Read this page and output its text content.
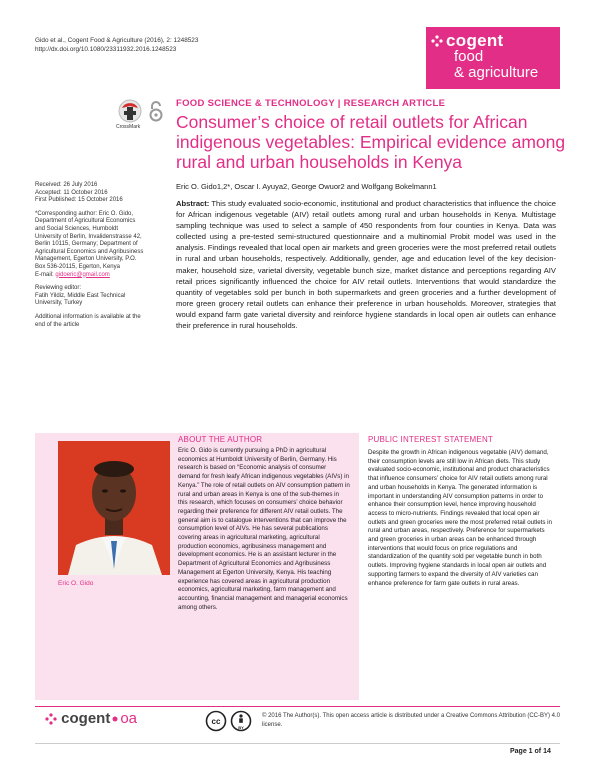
Gido et al., Cogent Food & Agriculture (2016), 2: 1248523
http://dx.doi.org/10.1080/23311932.2016.1248523	cogent
food
& agriculture
CrossMark
FOOD SCIENCE & TECHNOLOGY | RESEARCH ARTICLE
Consumer’s choice of retail outlets for African indigenous vegetables: Empirical evidence among rural and urban households in Kenya
Eric O. Gido1,2*, Oscar I. Ayuya2, George Owuor2 and Wolfgang Bokelmann1
Abstract: This study evaluated socio-economic, institutional and product characteristics that influence the choice for African indigenous vegetable (AIV) retail outlets among rural and urban households in Kenya. Multistage sampling technique was used to select a sample of 450 respondents from four counties in Kenya. Data was collected using a pre-tested semi-structured questionnaire and a multinomial Probit model was used in the analysis. Findings revealed that local open air markets and green groceries were the most preferred retail outlets in rural and urban households, respectively. Additionally, gender, age and education level of the key decision-maker, household size, varietal diversity, vegetable bunch size, market distance and perceptions regarding AIV retail prices significantly influenced the choice for AIV retail outlets. Interventions that would standardize the quantity of vegetables sold per bunch in both supermarkets and green groceries and a further development of more green grocery retail outlets can enhance their preference in urban households. Moreover, strategies that would expand farm gate varietal diversity and reinforce hygiene standards in local open air outlets can enhance their preference in rural households.
Received: 26 July 2016
Accepted: 11 October 2016
First Published: 15 October 2016
*Corresponding author: Eric O. Gido, Department of Agricultural Economics and Social Sciences, Humboldt University of Berlin, Invalidenstrasse 42, Berlin 10115, Germany; Department of Agricultural Economics and Agribusiness Management, Egerton University, P.O. Box 536-20115, Egerton, Kenya
E-mail: gidoeric@gmail.com
Reviewing editor:
Fatih Yildiz, Middle East Technical University, Turkey
Additional information is available at the end of the article
Eric O. Gido
ABOUT THE AUTHOR
Eric O. Gido is currently pursuing a PhD in agricultural economics at Humboldt University of Berlin, Germany. His research is based on “Economic analysis of consumer demand for fresh leafy African indigenous vegetables (AIVs) in Kenya.” The role of retail outlets on AIV consumption pattern in rural and urban areas in Kenya is one of the sub-themes in this research, which focuses on consumers’ choice behavior regarding their preference for different AIV retail outlets. The general aim is to catalogue interventions that can improve the consumption level of AIVs. He has several publications covering areas in agricultural marketing, agricultural production economics, agribusiness management and development economics. He is an assistant lecturer in the Department of Agricultural Economics and Agribusiness Management at Egerton University, Kenya. His teaching experience has covered areas in agricultural production economics, agricultural marketing, farm management and accounting, financial management and managerial economics among others.
PUBLIC INTEREST STATEMENT
Despite the growth in African indigenous vegetable (AIV) demand, their consumption levels are still low in African diets. This study evaluated socio-economic, institutional and product characteristics that influence consumers’ choice for AIV retail outlets among rural and urban households in Kenya. The generated information is important in understanding AIV consumption patterns in order to enhance their consumption level, hence improving household access to micro-nutrients. Findings revealed that local open air outlets and green groceries were the most preferred retail outlets in rural and urban areas, respectively. Preference for supermarkets and green groceries in urban areas can be enhanced through interventions that would focus on price regulations and standardization of the quantity sold per vegetable bunch in both outlets. Improving hygiene standards in local open air outlets and supporting farmers to expand the diversity of AIV varieties can enhance preference for farm gate outlets in rural areas.
cogent oa	cc
BY
© 2016 The Author(s). This open access article is distributed under a Creative Commons Attribution (CC-BY) 4.0 license.
Page 1 of 14
